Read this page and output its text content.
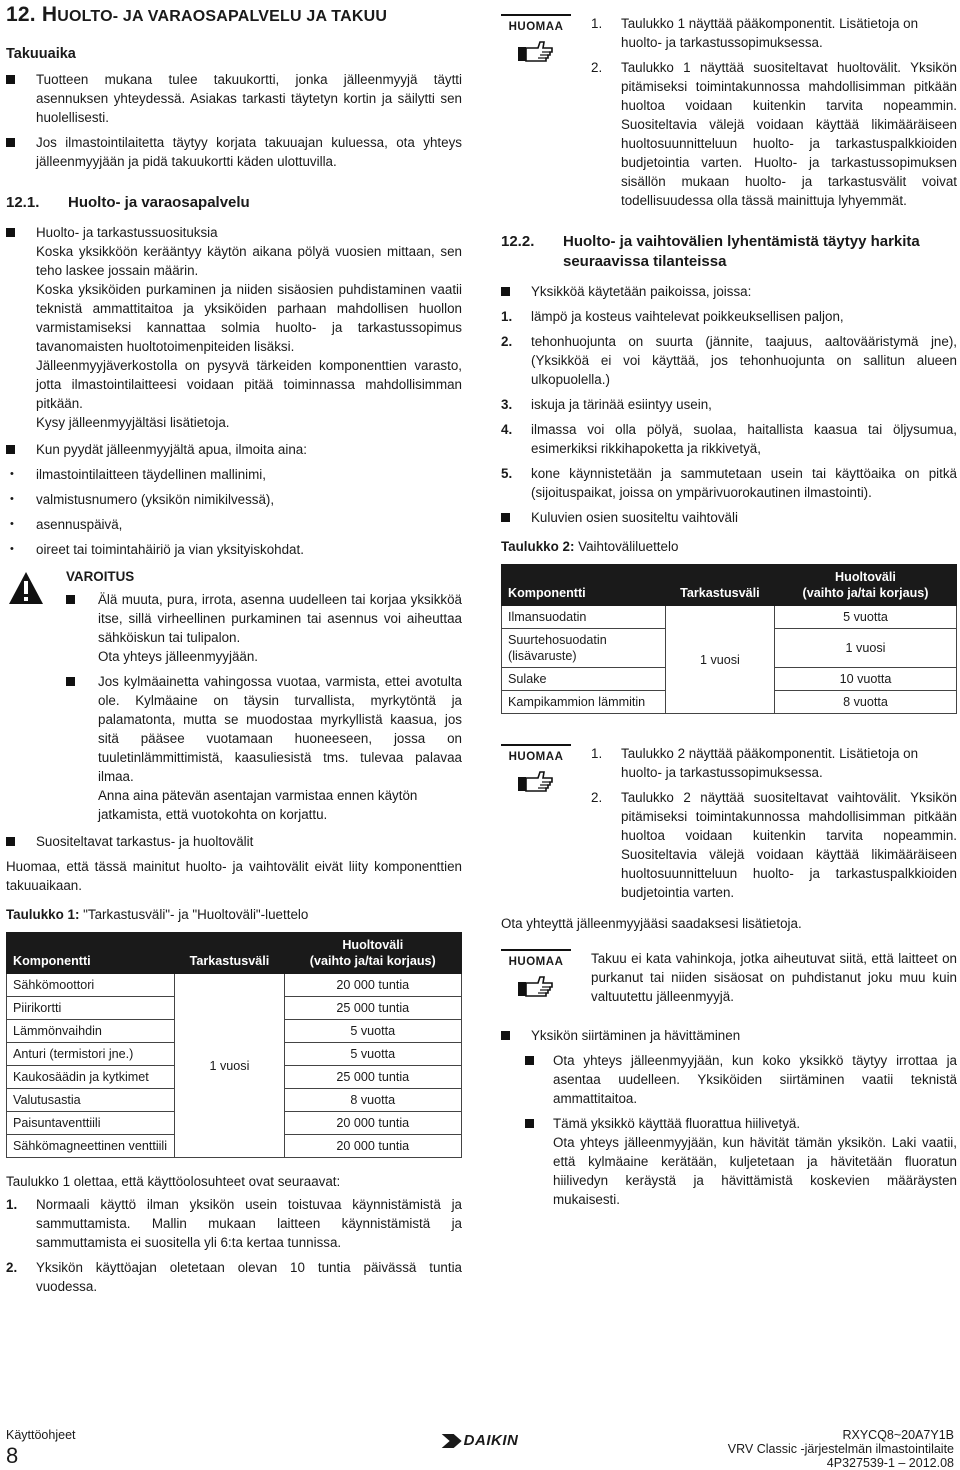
12. HUOLTO- JA VARAOSAPALVELU JA TAKUU
Takuuaika
Tuotteen mukana tulee takuukortti, jonka jälleenmyyjä täytti asennuksen yhteydessä. Asiakas tarkasti täytetyn kortin ja säilytti sen huolellisesti.
Jos ilmastointilaitetta täytyy korjata takuuajan kuluessa, ota yhteys jälleenmyyjään ja pidä takuukortti käden ulottuvilla.
12.1.	Huolto- ja varaosapalvelu
Huolto- ja tarkastussuosituksia

Koska yksikköön kerääntyy käytön aikana pölyä vuosien mittaan, sen teho laskee jossain määrin.

Koska yksiköiden purkaminen ja niiden sisäosien puhdistaminen vaatii teknistä ammattitaitoa ja yksiköiden parhaan mahdollisen huollon varmistamiseksi kannattaa solmia huolto- ja tarkastussopimus tavanomaisten huoltotoimenpiteiden lisäksi.

Jälleenmyyjäverkostolla on pysyvä tärkeiden komponenttien varasto, jotta ilmastointilaitteesi voidaan pitää toiminnassa mahdollisimman pitkään.

Kysy jälleenmyyjältäsi lisätietoja.

Kun pyydät jälleenmyyjältä apua, ilmoita aina:
• ilmastointilaitteen täydellinen mallinimi,
• valmistusnumero (yksikön nimikilvessä),
• asennuspäivä,
• oireet tai toimintahäiriö ja vian yksityiskohdat.
VAROITUS
Älä muuta, pura, irrota, asenna uudelleen tai korjaa yksikköä itse, sillä virheellinen purkaminen tai asennus voi aiheuttaa sähköiskun tai tulipalon.
Ota yhteys jälleenmyyjään.
Jos kylmäainetta vahingossa vuotaa, varmista, ettei avotulta ole. Kylmäaine on täysin turvallista, myrkytöntä ja palamatonta, mutta se muodostaa myrkyllistä kaasua, jos sitä pääsee vuotamaan huoneeseen, jossa on tuuletinlämmittimistä, kaasuliesistä tms. tulevaa palavaa ilmaa.
Anna aina pätevän asentajan varmistaa ennen käytön jatkamista, että vuotokohta on korjattu.
Suositeltavat tarkastus- ja huoltovälit

Huomaa, että tässä mainitut huolto- ja vaihtovälit eivät liity komponenttien takuuaikaan.

Taulukko 1: "Tarkastusväli"- ja "Huoltoväli"-luettelo
Komponentti	Tarkastusväli	Huoltoväli
(vaihto ja/tai korjaus)

Sähkömoottori	1 vuosi	20 000 tuntia
Piirikortti		25 000 tuntia
Lämmönvaihdin		5 vuotta
Anturi (termistori jne.)		5 vuotta
Kaukosäädin ja kytkimet		25 000 tuntia
Valutusastia		8 vuotta
Paisuntaventtiili		20 000 tuntia
Sähkömagneettinen venttiili		20 000 tuntia

Taulukko 1 olettaa, että käyttöolosuhteet ovat seuraavat:

1. Normaali käyttö ilman yksikön usein toistuvaa käynnistämistä ja sammuttamista. Mallin mukaan laitteen käynnistämistä ja sammuttamista ei suositella yli 6:ta kertaa tunnissa.
2. Yksikön käyttöajan oletetaan olevan 10 tuntia päivässä tuntia vuodessa.
HUOMAA	1. Taulukko 1 näyttää pääkomponentit. Lisätietoja on huolto- ja tarkastussopimuksessa.
2. Taulukko 1 näyttää suositeltavat huoltovälit. Yksikön pitämiseksi toimintakunnossa mahdollisimman pitkään huoltoa voidaan kuitenkin tarvita nopeammin. Suositeltavia välejä voidaan käyttää likimääräiseen huoltosuunnitteluun huolto- ja tarkastuspalkkioiden budjetointia varten. Huolto- ja tarkastussopimuksen sisällön mukaan huolto- ja tarkastusvälit voivat todellisuudessa olla tässä mainittuja lyhyemmät.
12.2.	Huolto- ja vaihtovälien lyhentämistä täytyy harkita seuraavissa tilanteissa
Yksikköä käytetään paikoissa, joissa:
1. lämpö ja kosteus vaihtelevat poikkeuksellisen paljon,
2. tehonhuojunta on suurta (jännite, taajuus, aaltovääristymä jne), (Yksikköä ei voi käyttää, jos tehonhuojunta on sallitun alueen ulkopuolella.)
3. iskuja ja tärinää esiintyy usein,
4. ilmassa voi olla pölyä, suolaa, haitallista kaasua tai öljysumua, esimerkiksi rikkihapoketta ja rikkivetyä,
5. kone käynnistetään ja sammutetaan usein tai käyttöaika on pitkä (sijoituspaikat, joissa on ympärivuorokautinen ilmastointi).
Kuluvien osien suositeltu vaihtoväli
Taulukko 2: Vaihtoväliluettelo
Komponentti	Tarkastusväli	Huoltoväli
(vaihto ja/tai korjaus)

Ilmansuodatin	1 vuosi	5 vuotta
Suurtehosuodatin (lisävaruste)		1 vuosi
Sulake		10 vuotta
Kampikammion lämmitin		8 vuotta
HUOMAA	1. Taulukko 2 näyttää pääkomponentit. Lisätietoja on huolto- ja tarkastussopimuksessa.
2. Taulukko 2 näyttää suositeltavat vaihtovälit. Yksikön pitämiseksi toimintakunnossa mahdollisimman pitkään huoltoa voidaan kuitenkin tarvita nopeammin. Suositeltavia välejä voidaan käyttää likimääräiseen huoltosuunnitteluun huolto- ja tarkastuspalkkioiden budjetointia varten.

Ota yhteyttä jälleenmyyjääsi saadaksesi lisätietoja.

HUOMAA	Takuu ei kata vahinkoja, jotka aiheutuvat siitä, että laitteet on purkanut tai niiden sisäosat on puhdistanut joku muu kuin valtuutettu jälleenmyyjä.
Yksikön siirtäminen ja hävittäminen
Ota yhteys jälleenmyyjään, kun koko yksikkö täytyy irrottaa ja asentaa uudelleen. Yksiköiden siirtäminen vaatii teknistä ammattitaitoa.
Tämä yksikkö käyttää fluorattua hiilivetyä.
Ota yhteys jälleenmyyjään, kun hävität tämän yksikön. Laki vaatii, että kylmäaine kerätään, kuljetetaan ja hävitetään fluoratun hiilivedyn keräystä ja hävittämistä koskevien määräysten mukaisesti.
Käyttöohjeet
8
DAIKIN	RXYCQ8~20A7Y1B
VRV Classic -järjestelmän ilmastointilaite
4P327539-1 – 2012.08
